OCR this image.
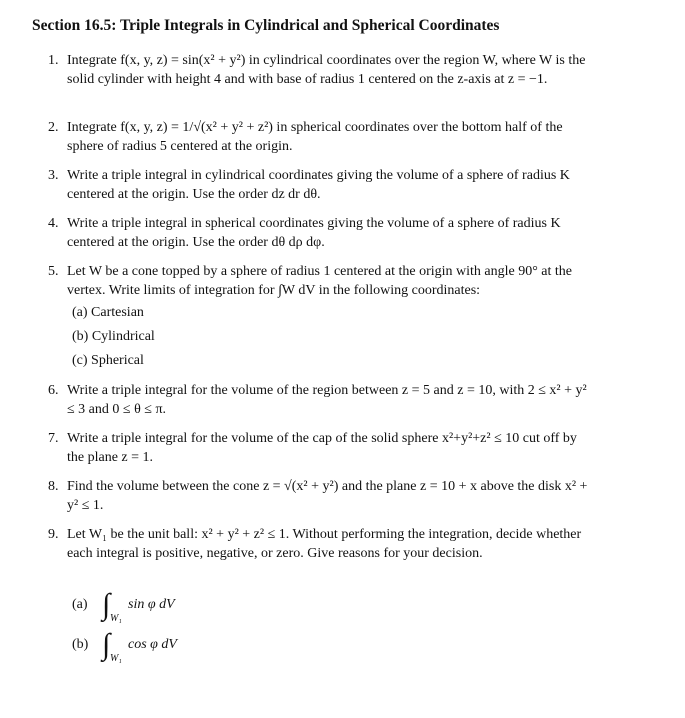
Section 16.5: Triple Integrals in Cylindrical and Spherical Coordinates
1. Integrate f(x, y, z) = sin(x² + y²) in cylindrical coordinates over the region W, where W is the solid cylinder with height 4 and with base of radius 1 centered on the z-axis at z = −1.
2. Integrate f(x, y, z) = 1/√(x² + y² + z²) in spherical coordinates over the bottom half of the sphere of radius 5 centered at the origin.
3. Write a triple integral in cylindrical coordinates giving the volume of a sphere of radius K centered at the origin. Use the order dz dr dθ.
4. Write a triple integral in spherical coordinates giving the volume of a sphere of radius K centered at the origin. Use the order dθ dρ dφ.
5. Let W be a cone topped by a sphere of radius 1 centered at the origin with angle 90° at the vertex. Write limits of integration for ∫W dV in the following coordinates:
(a) Cartesian
(b) Cylindrical
(c) Spherical
6. Write a triple integral for the volume of the region between z = 5 and z = 10, with 2 ≤ x² + y² ≤ 3 and 0 ≤ θ ≤ π.
7. Write a triple integral for the volume of the cap of the solid sphere x²+y²+z² ≤ 10 cut off by the plane z = 1.
8. Find the volume between the cone z = √(x² + y²) and the plane z = 10 + x above the disk x² + y² ≤ 1.
9. Let W₁ be the unit ball: x² + y² + z² ≤ 1. Without performing the integration, decide whether each integral is positive, negative, or zero. Give reasons for your decision.
(a) ∫ W₁
sin φ dV
(b) ∫ W₁
cos φ dV
